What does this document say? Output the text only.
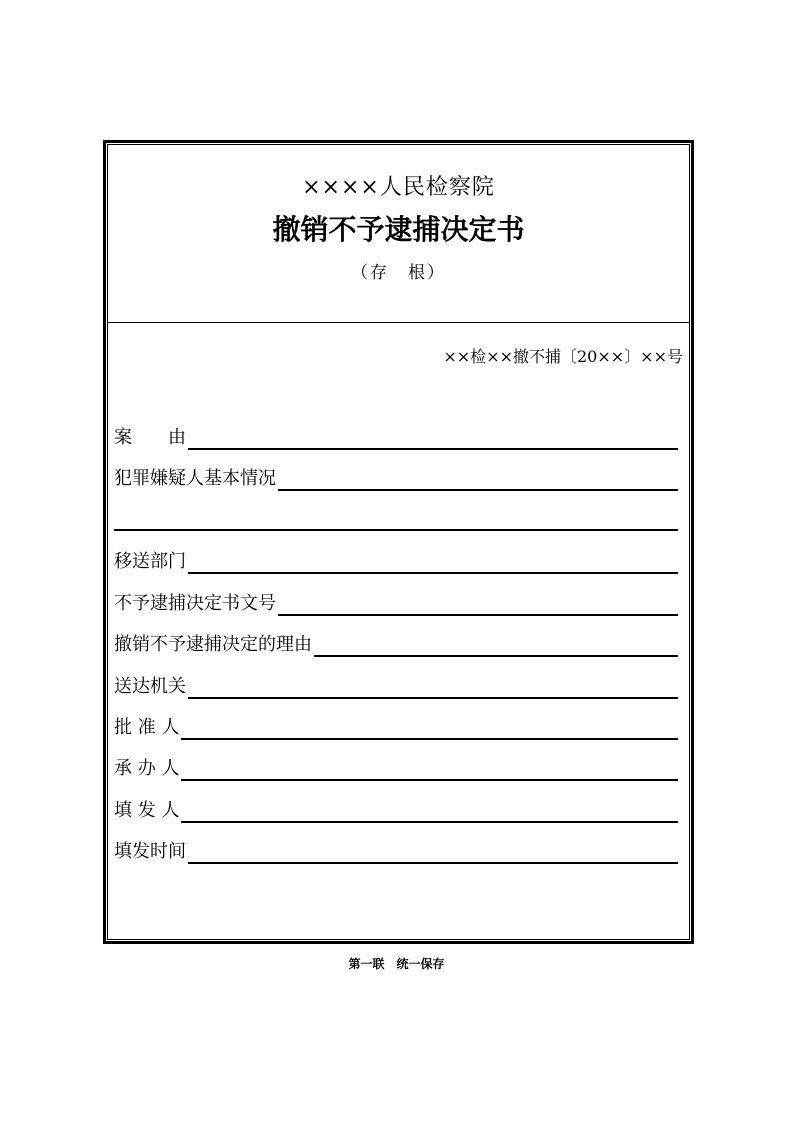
××××人民检察院
撤销不予逮捕决定书
（存　根）
××检××撤不捕〔20××〕××号
案　　由
犯罪嫌疑人基本情况
移送部门
不予逮捕决定书文号
撤销不予逮捕决定的理由
送达机关
批 准 人
承 办 人
填 发 人
填发时间
第一联　统一保存
